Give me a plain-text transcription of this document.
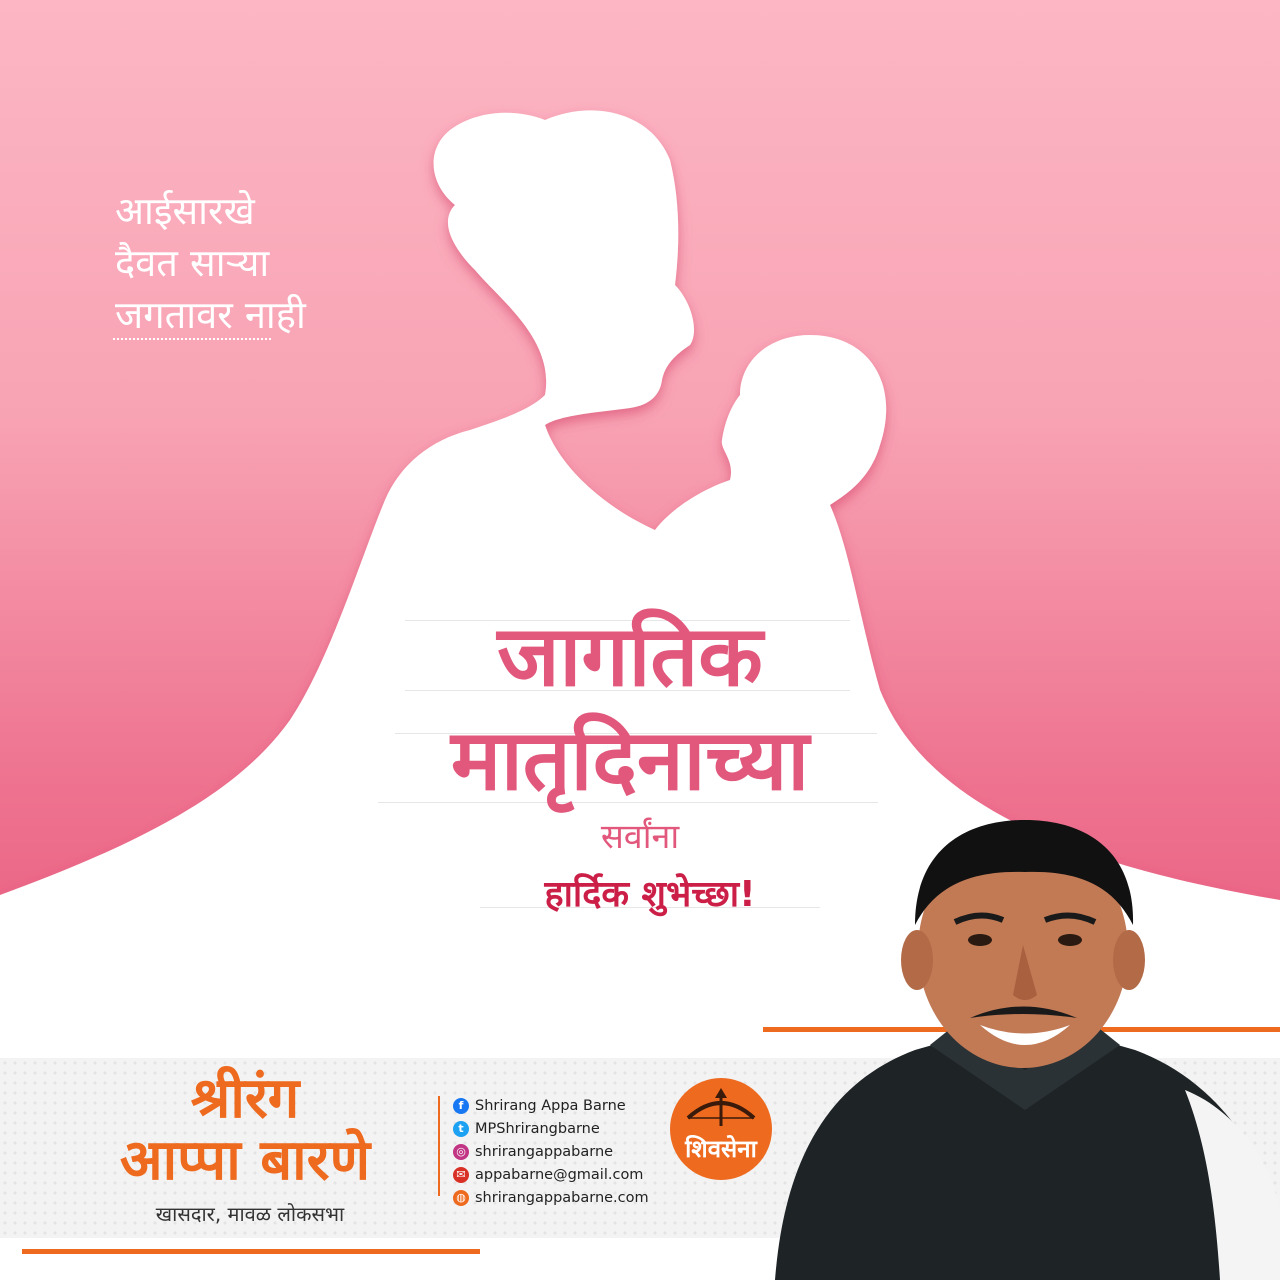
आईसारखे
दैवत साऱ्या
जगतावर नाही
जागतिक
मातृदिनाच्या
सर्वांना
हार्दिक शुभेच्छा!
श्रीरंग
आप्पा बारणे
खासदार, मावळ लोकसभा
f Shrirang Appa Barne
t MPShrirangbarne
◎ shrirangappabarne
✉ appabarne@gmail.com
◍ shrirangappabarne.com
शिवसेना
